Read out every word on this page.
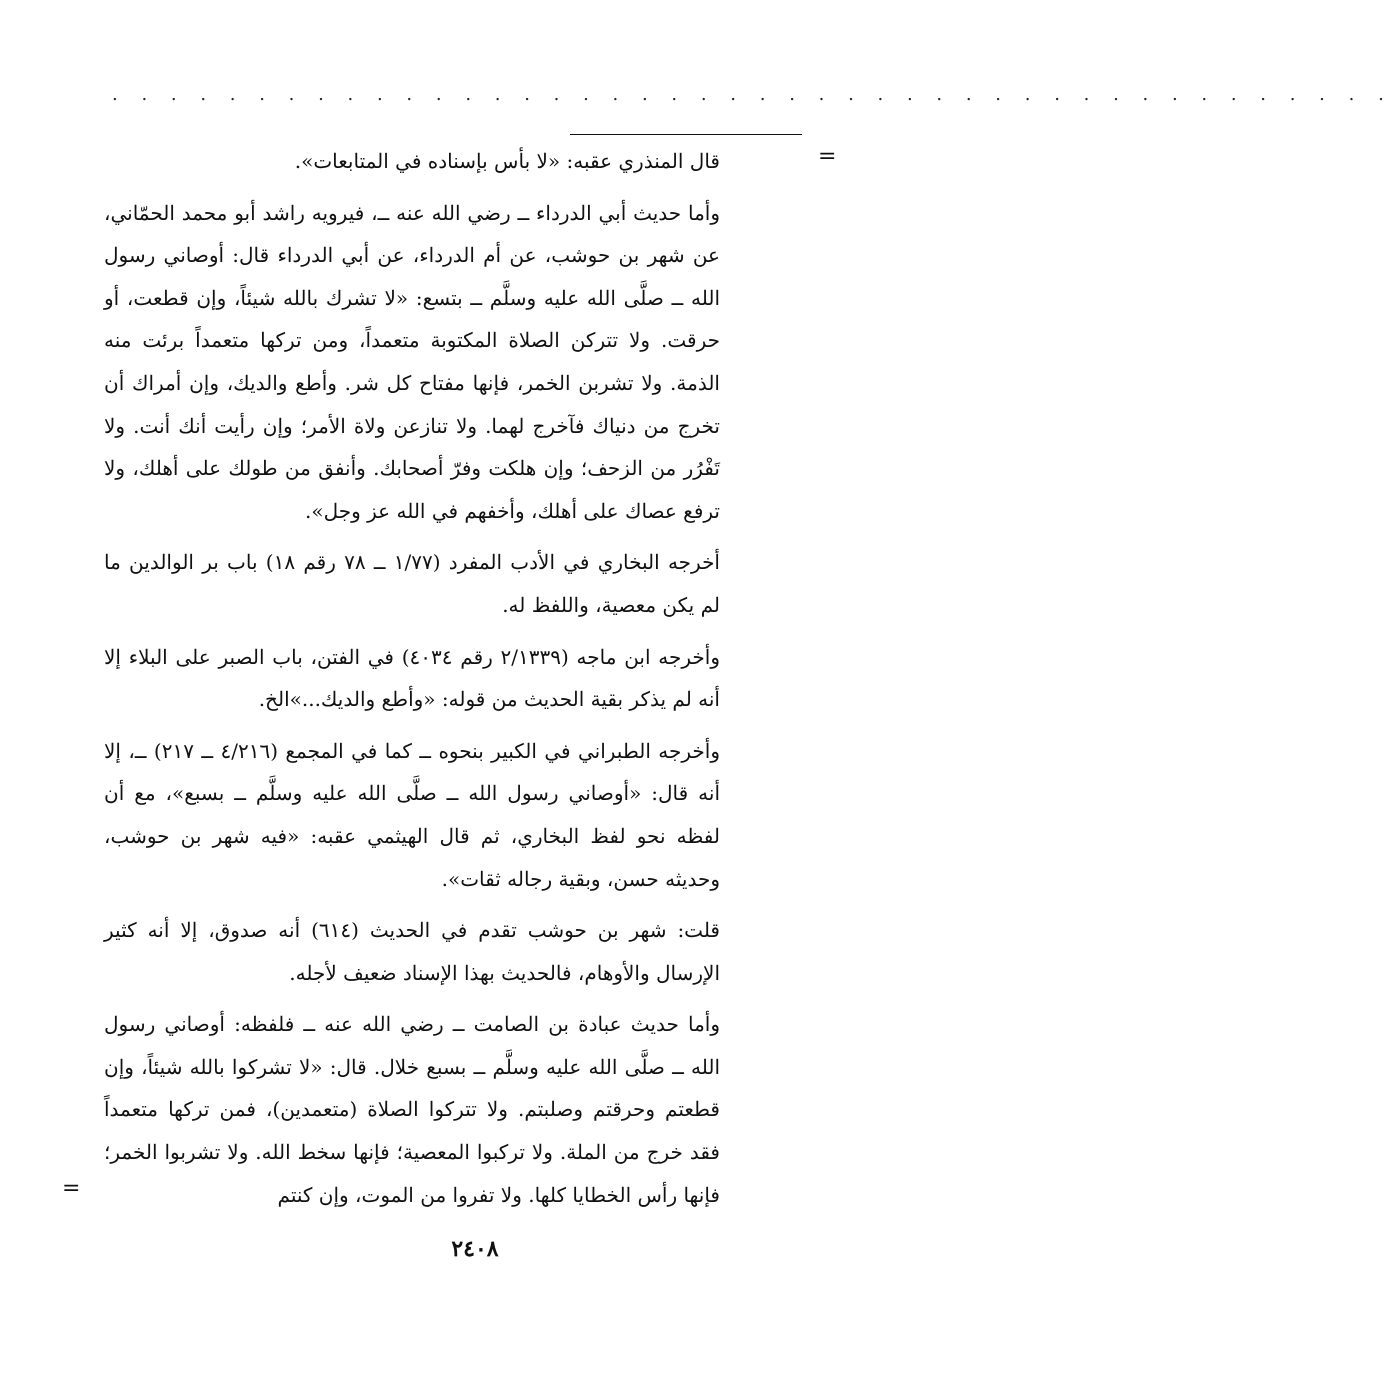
. . . . . . . . . . . . . . . . . . . . . . . . . . . . . . . . . . . . . . . . . . . .
=

قال المنذري عقبه: «لا بأس بإسناده في المتابعات».

وأما حديث أبي الدرداء ــ رضي الله عنه ــ، فيرويه راشد أبو محمد الحمّاني، عن شهر بن حوشب، عن أم الدرداء، عن أبي الدرداء قال: أوصاني رسول الله ــ صلَّى الله عليه وسلَّم ــ بتسع: «لا تشرك بالله شيئاً، وإن قطعت، أو حرقت. ولا تتركن الصلاة المكتوبة متعمداً، ومن تركها متعمداً برئت منه الذمة. ولا تشربن الخمر، فإنها مفتاح كل شر. وأطع والديك، وإن أمراك أن تخرج من دنياك فآخرج لهما. ولا تنازعن ولاة الأمر؛ وإن رأيت أنك أنت. ولا تَفْرُر من الزحف؛ وإن هلكت وفرّ أصحابك. وأنفق من طولك على أهلك، ولا ترفع عصاك على أهلك، وأخفهم في الله عز وجل».

أخرجه البخاري في الأدب المفرد (١/٧٧ ــ ٧٨ رقم ١٨) باب بر الوالدين ما لم يكن معصية، واللفظ له.

وأخرجه ابن ماجه (٢/١٣٣٩ رقم ٤٠٣٤) في الفتن، باب الصبر على البلاء إلا أنه لم يذكر بقية الحديث من قوله: «وأطع والديك...»الخ.

وأخرجه الطبراني في الكبير بنحوه ــ كما في المجمع (٤/٢١٦ ــ ٢١٧) ــ، إلا أنه قال: «أوصاني رسول الله ــ صلَّى الله عليه وسلَّم ــ بسبع»، مع أن لفظه نحو لفظ البخاري، ثم قال الهيثمي عقبه: «فيه شهر بن حوشب، وحديثه حسن، وبقية رجاله ثقات».

قلت: شهر بن حوشب تقدم في الحديث (٦١٤) أنه صدوق، إلا أنه كثير الإرسال والأوهام، فالحديث بهذا الإسناد ضعيف لأجله.

وأما حديث عبادة بن الصامت ــ رضي الله عنه ــ فلفظه: أوصاني رسول الله ــ صلَّى الله عليه وسلَّم ــ بسبع خلال. قال: «لا تشركوا بالله شيئاً، وإن قطعتم وحرقتم وصلبتم. ولا تتركوا الصلاة (متعمدين)، فمن تركها متعمداً فقد خرج من الملة. ولا تركبوا المعصية؛ فإنها سخط الله. ولا تشربوا الخمر؛ فإنها رأس الخطايا كلها. ولا تفروا من الموت، وإن كنتم

=
٢٤٠٨
